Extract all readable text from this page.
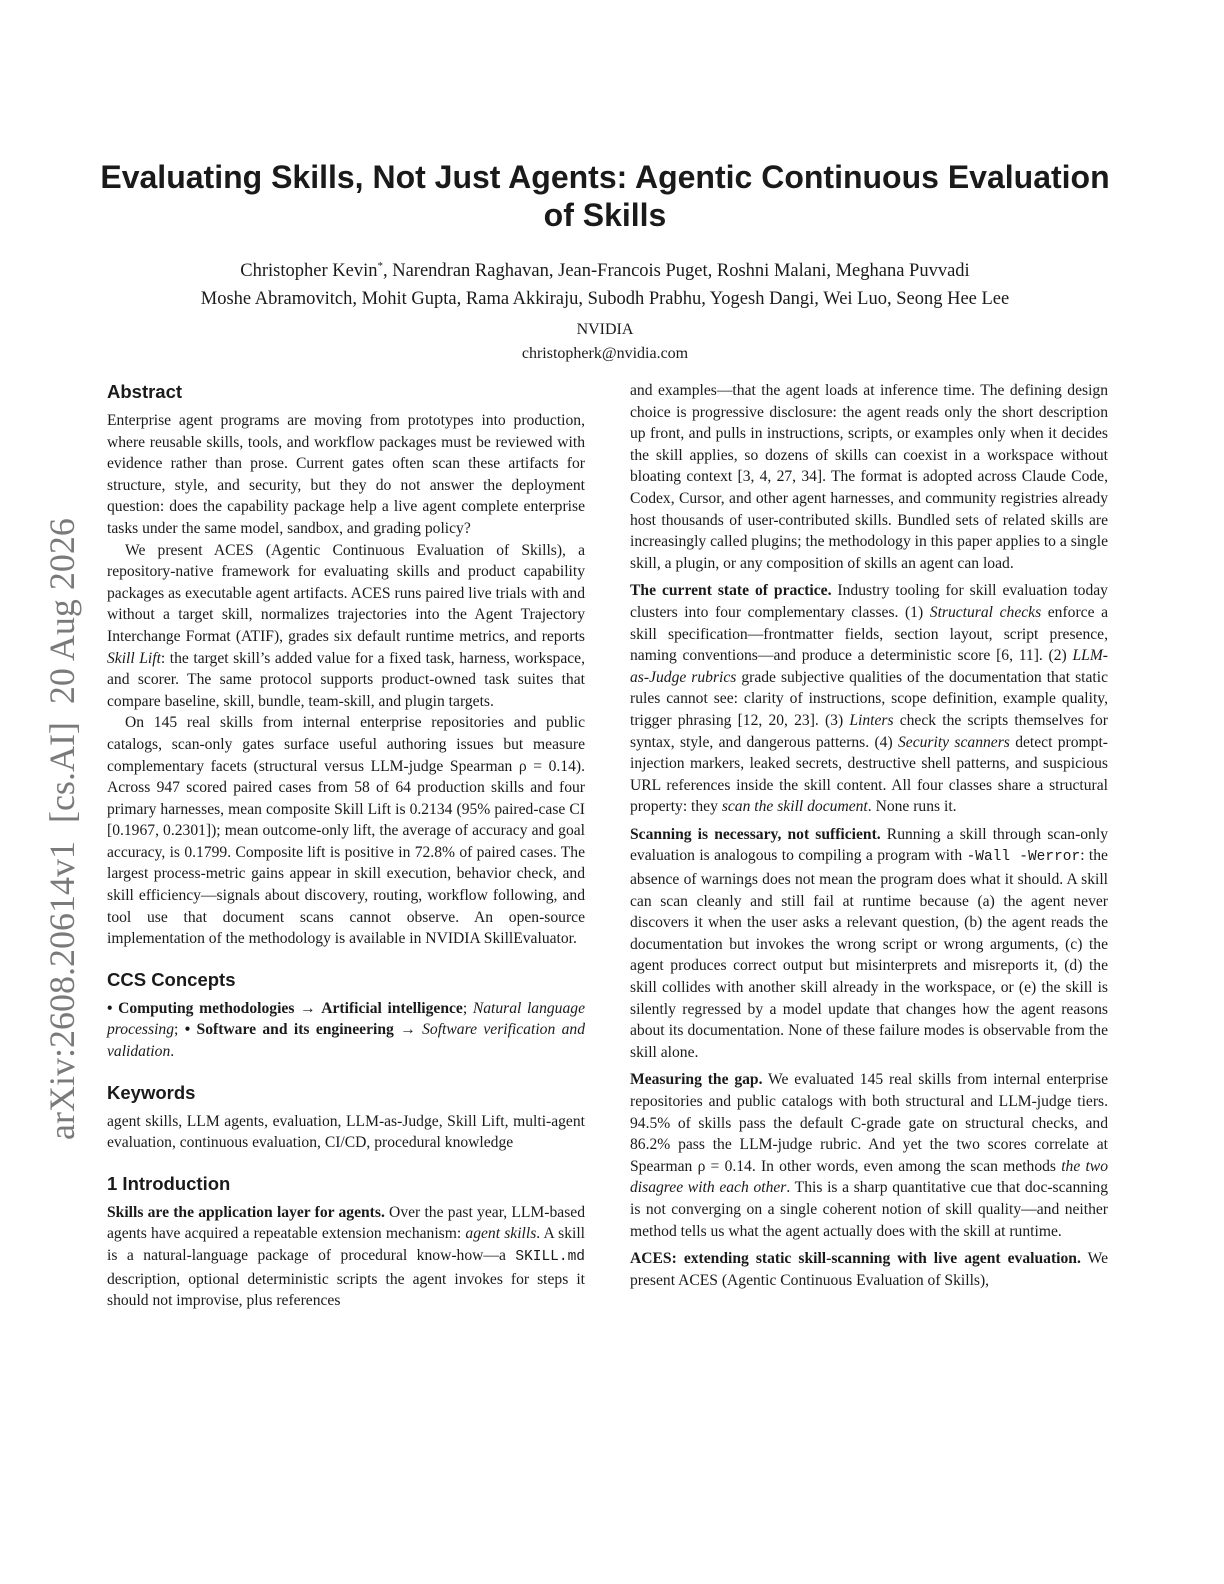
arXiv:2608.20614v1  [cs.AI]  20 Aug 2026
Evaluating Skills, Not Just Agents: Agentic Continuous Evaluation of Skills
Christopher Kevin*, Narendran Raghavan, Jean-Francois Puget, Roshni Malani, Meghana Puvvadi
Moshe Abramovitch, Mohit Gupta, Rama Akkiraju, Subodh Prabhu, Yogesh Dangi, Wei Luo, Seong Hee Lee
NVIDIA
christopherk@nvidia.com
Abstract

Enterprise agent programs are moving from prototypes into production, where reusable skills, tools, and workflow packages must be reviewed with evidence rather than prose. Current gates often scan these artifacts for structure, style, and security, but they do not answer the deployment question: does the capability package help a live agent complete enterprise tasks under the same model, sandbox, and grading policy?

We present ACES (Agentic Continuous Evaluation of Skills), a repository-native framework for evaluating skills and product capability packages as executable agent artifacts. ACES runs paired live trials with and without a target skill, normalizes trajectories into the Agent Trajectory Interchange Format (ATIF), grades six default runtime metrics, and reports Skill Lift: the target skill’s added value for a fixed task, harness, workspace, and scorer. The same protocol supports product-owned task suites that compare baseline, skill, bundle, team-skill, and plugin targets.

On 145 real skills from internal enterprise repositories and public catalogs, scan-only gates surface useful authoring issues but measure complementary facets (structural versus LLM-judge Spearman ρ = 0.14). Across 947 scored paired cases from 58 of 64 production skills and four primary harnesses, mean composite Skill Lift is 0.2134 (95% paired-case CI [0.1967, 0.2301]); mean outcome-only lift, the average of accuracy and goal accuracy, is 0.1799. Composite lift is positive in 72.8% of paired cases. The largest process-metric gains appear in skill execution, behavior check, and skill efficiency—signals about discovery, routing, workflow following, and tool use that document scans cannot observe. An open-source implementation of the methodology is available in NVIDIA SkillEvaluator.

CCS Concepts

• Computing methodologies → Artificial intelligence; Natural language processing; • Software and its engineering → Software verification and validation.

Keywords

agent skills, LLM agents, evaluation, LLM-as-Judge, Skill Lift, multi-agent evaluation, continuous evaluation, CI/CD, procedural knowledge

1 Introduction

Skills are the application layer for agents. Over the past year, LLM-based agents have acquired a repeatable extension mechanism: agent skills. A skill is a natural-language package of procedural know-how—a SKILL.md description, optional deterministic scripts the agent invokes for steps it should not improvise, plus references

and examples—that the agent loads at inference time. The defining design choice is progressive disclosure: the agent reads only the short description up front, and pulls in instructions, scripts, or examples only when it decides the skill applies, so dozens of skills can coexist in a workspace without bloating context [3, 4, 27, 34]. The format is adopted across Claude Code, Codex, Cursor, and other agent harnesses, and community registries already host thousands of user-contributed skills. Bundled sets of related skills are increasingly called plugins; the methodology in this paper applies to a single skill, a plugin, or any composition of skills an agent can load.

The current state of practice. Industry tooling for skill evaluation today clusters into four complementary classes. (1) Structural checks enforce a skill specification—frontmatter fields, section layout, script presence, naming conventions—and produce a deterministic score [6, 11]. (2) LLM-as-Judge rubrics grade subjective qualities of the documentation that static rules cannot see: clarity of instructions, scope definition, example quality, trigger phrasing [12, 20, 23]. (3) Linters check the scripts themselves for syntax, style, and dangerous patterns. (4) Security scanners detect prompt-injection markers, leaked secrets, destructive shell patterns, and suspicious URL references inside the skill content. All four classes share a structural property: they scan the skill document. None runs it.

Scanning is necessary, not sufficient. Running a skill through scan-only evaluation is analogous to compiling a program with -Wall -Werror: the absence of warnings does not mean the program does what it should. A skill can scan cleanly and still fail at runtime because (a) the agent never discovers it when the user asks a relevant question, (b) the agent reads the documentation but invokes the wrong script or wrong arguments, (c) the agent produces correct output but misinterprets and misreports it, (d) the skill collides with another skill already in the workspace, or (e) the skill is silently regressed by a model update that changes how the agent reasons about its documentation. None of these failure modes is observable from the skill alone.

Measuring the gap. We evaluated 145 real skills from internal enterprise repositories and public catalogs with both structural and LLM-judge tiers. 94.5% of skills pass the default C-grade gate on structural checks, and 86.2% pass the LLM-judge rubric. And yet the two scores correlate at Spearman ρ = 0.14. In other words, even among the scan methods the two disagree with each other. This is a sharp quantitative cue that doc-scanning is not converging on a single coherent notion of skill quality—and neither method tells us what the agent actually does with the skill at runtime.

ACES: extending static skill-scanning with live agent evaluation. We present ACES (Agentic Continuous Evaluation of Skills),
